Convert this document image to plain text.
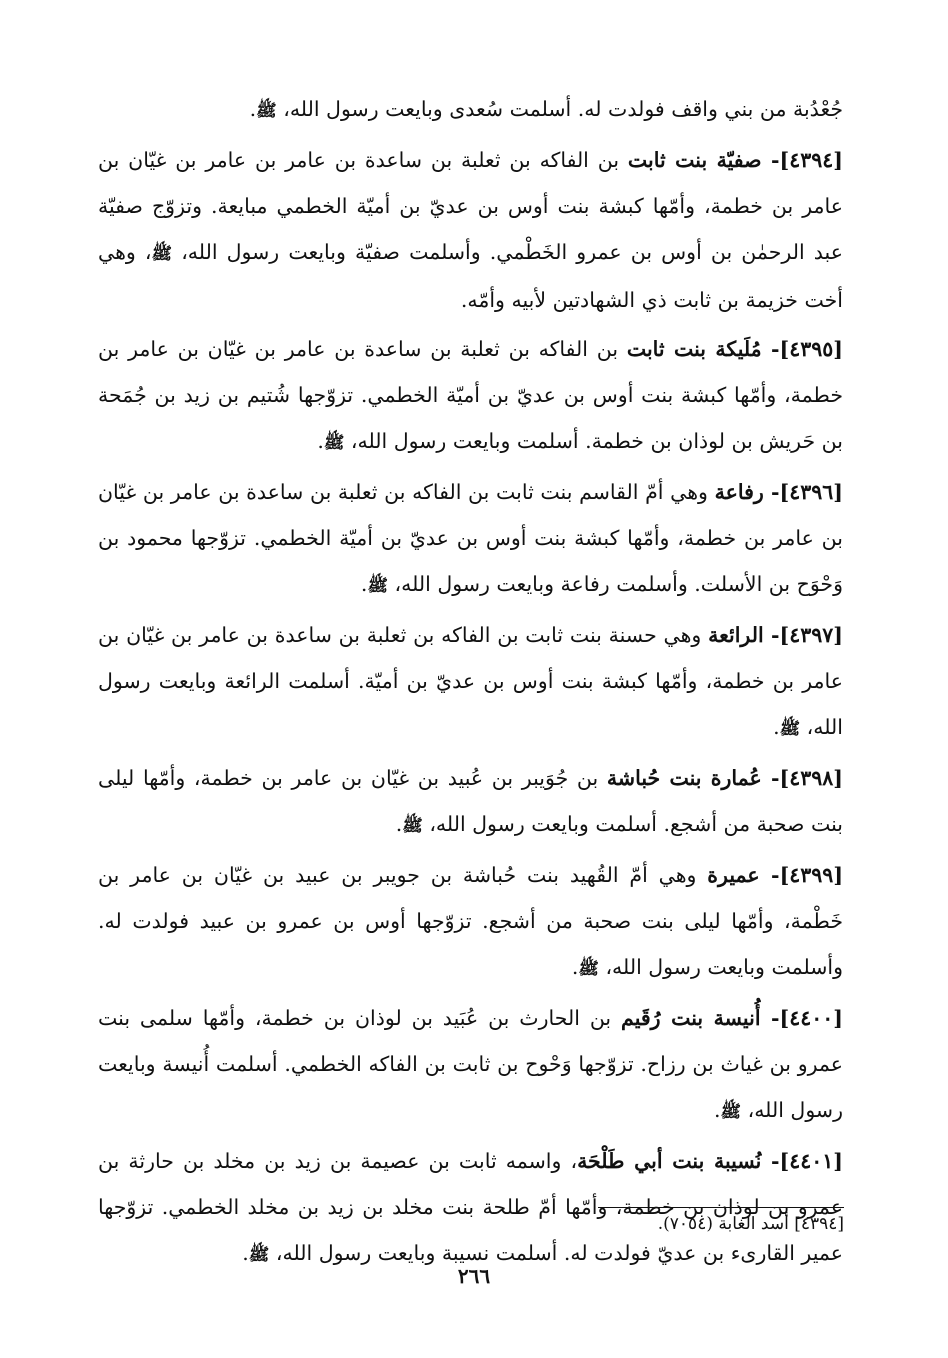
جُعْدُبة من بني واقف فولدت له. أسلمت سُعدى وبايعت رسول الله، ﷺ.

[٤٣٩٤]- صفيّة بنت ثابت بن الفاكه بن ثعلبة بن ساعدة بن عامر بن عامر بن غيّان بن عامر بن خطمة، وأمّها كبشة بنت أوس بن عديّ بن أميّة الخطمي مبايعة. وتزوّج صفيّة عبد الرحمٰن بن أوس بن عمرو الخَطْمي. وأسلمت صفيّة وبايعت رسول الله، ﷺ، وهي أخت خزيمة بن ثابت ذي الشهادتين لأبيه وأمّه.

[٤٣٩٥]- مُلَيكة بنت ثابت بن الفاكه بن ثعلبة بن ساعدة بن عامر بن غيّان بن عامر بن خطمة، وأمّها كبشة بنت أوس بن عديّ بن أميّة الخطمي. تزوّجها شُتيم بن زيد بن جُمَحة بن حَريش بن لوذان بن خطمة. أسلمت وبايعت رسول الله، ﷺ.

[٤٣٩٦]- رفاعة وهي أمّ القاسم بنت ثابت بن الفاكه بن ثعلبة بن ساعدة بن عامر بن غيّان بن عامر بن خطمة، وأمّها كبشة بنت أوس بن عديّ بن أميّة الخطمي. تزوّجها محمود بن وَحْوَح بن الأسلت. وأسلمت رفاعة وبايعت رسول الله، ﷺ.

[٤٣٩٧]- الرائعة وهي حسنة بنت ثابت بن الفاكه بن ثعلبة بن ساعدة بن عامر بن غيّان بن عامر بن خطمة، وأمّها كبشة بنت أوس بن عديّ بن أميّة. أسلمت الرائعة وبايعت رسول الله، ﷺ.

[٤٣٩٨]- عُمارة بنت حُباشة بن جُوَيبر بن عُبيد بن غيّان بن عامر بن خطمة، وأمّها ليلى بنت صحبة من أشجع. أسلمت وبايعت رسول الله، ﷺ.

[٤٣٩٩]- عميرة وهي أمّ القُهيد بنت حُباشة بن جويبر بن عبيد بن غيّان بن عامر بن خَطْمة، وأمّها ليلى بنت صحبة من أشجع. تزوّجها أوس بن عمرو بن عبيد فولدت له. وأسلمت وبايعت رسول الله، ﷺ.

[٤٤٠٠]- أُنيسة بنت رُقَيم بن الحارث بن عُبَيد بن لوذان بن خطمة، وأمّها سلمى بنت عمرو بن غياث بن رزاح. تزوّجها وَحْوح بن ثابت بن الفاكه الخطمي. أسلمت أُنيسة وبايعت رسول الله، ﷺ.

[٤٤٠١]- نُسيبة بنت أبي طَلْحَة، واسمه ثابت بن عصيمة بن زيد بن مخلد بن حارثة بن عمرو بن لوذان بن خطمة، وأمّها أمّ طلحة بنت مخلد بن زيد بن مخلد الخطمي. تزوّجها عمير القارىء بن عديّ فولدت له. أسلمت نسيبة وبايعت رسول الله، ﷺ.

[٤٣٩٤] أسد الغابة (٧٠٥٤).
٢٦٦
